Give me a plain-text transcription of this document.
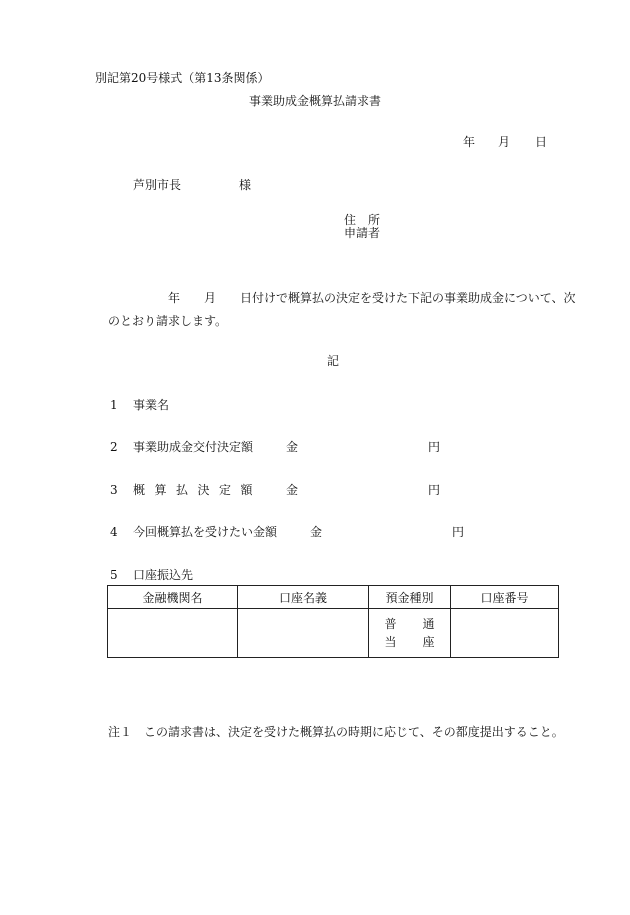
別記第20号様式（第13条関係）
事業助成金概算払請求書
年 月 日
芦別市長	様
住　所
申請者
年 月 日付けで概算払の決定を受けた下記の事業助成金について、次
のとおり請求します。
記
1 事業名
2 事業助成金交付決定額	金	円
3 概算払決定額 金	円
4 今回概算払を受けたい金額	金	円
5 口座振込先
金融機関名	口座名義	預金種別	口座番号

		普通
当座	

注１ この請求書は、決定を受けた概算払の時期に応じて、その都度提出すること。
